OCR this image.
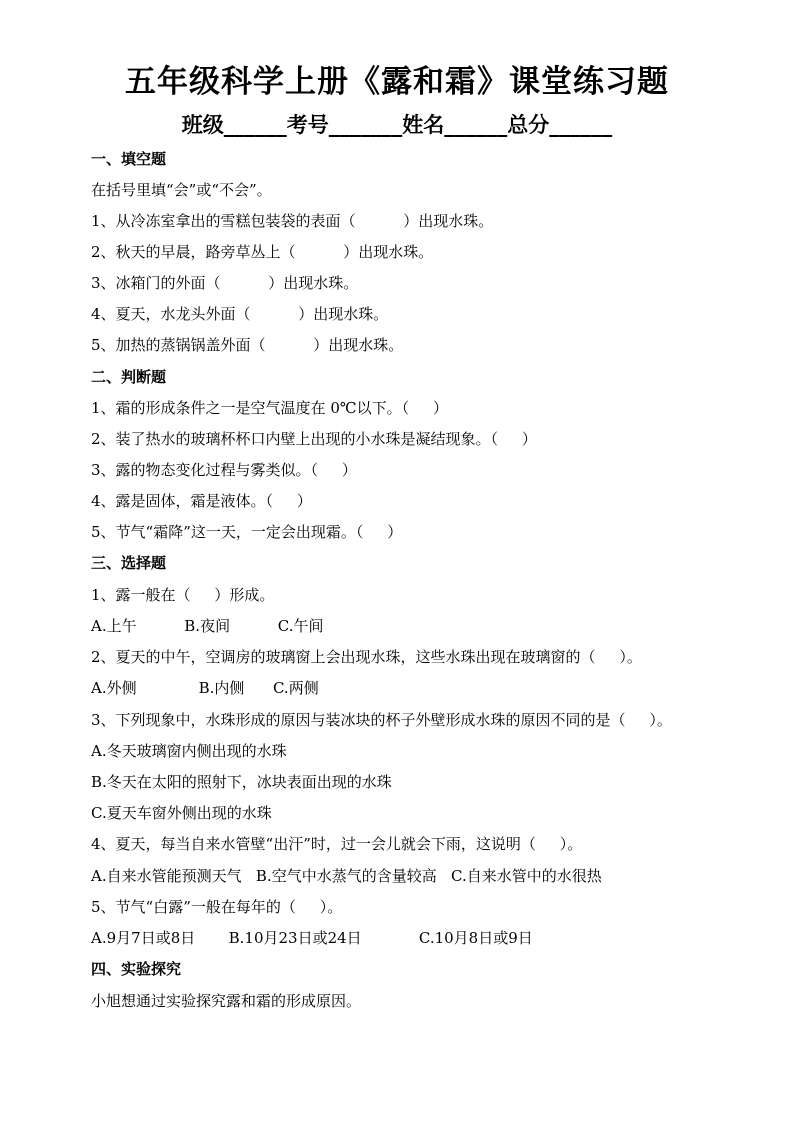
五年级科学上册《露和霜》课堂练习题
班级______考号_______姓名______总分______
一、填空题
在括号里填“会”或“不会”。
1、从冷冻室拿出的雪糕包装袋的表面（          ）出现水珠。
2、秋天的早晨，路旁草丛上（          ）出现水珠。
3、冰箱门的外面（          ）出现水珠。
4、夏天，水龙头外面（          ）出现水珠。
5、加热的蒸锅锅盖外面（          ）出现水珠。
二、判断题
1、霜的形成条件之一是空气温度在 0℃以下。（     ）
2、装了热水的玻璃杯杯口内壁上出现的小水珠是凝结现象。（     ）
3、露的物态变化过程与雾类似。（     ）
4、露是固体，霜是液体。（     ）
5、节气“霜降”这一天，一定会出现霜。（     ）
三、选择题
1、露一般在（     ）形成。
A.上午          B.夜间          C.午间
2、夏天的中午，空调房的玻璃窗上会出现水珠，这些水珠出现在玻璃窗的（     ）。
A.外侧             B.内侧      C.两侧
3、下列现象中，水珠形成的原因与装冰块的杯子外壁形成水珠的原因不同的是（     ）。
A.冬天玻璃窗内侧出现的水珠
B.冬天在太阳的照射下，冰块表面出现的水珠
C.夏天车窗外侧出现的水珠
4、夏天，每当自来水管壁“出汗”时，过一会儿就会下雨，这说明（     ）。
A.自来水管能预测天气   B.空气中水蒸气的含量较高   C.自来水管中的水很热
5、节气“白露”一般在每年的（     ）。
A.9月7日或8日       B.10月23日或24日            C.10月8日或9日
四、实验探究
小旭想通过实验探究露和霜的形成原因。
